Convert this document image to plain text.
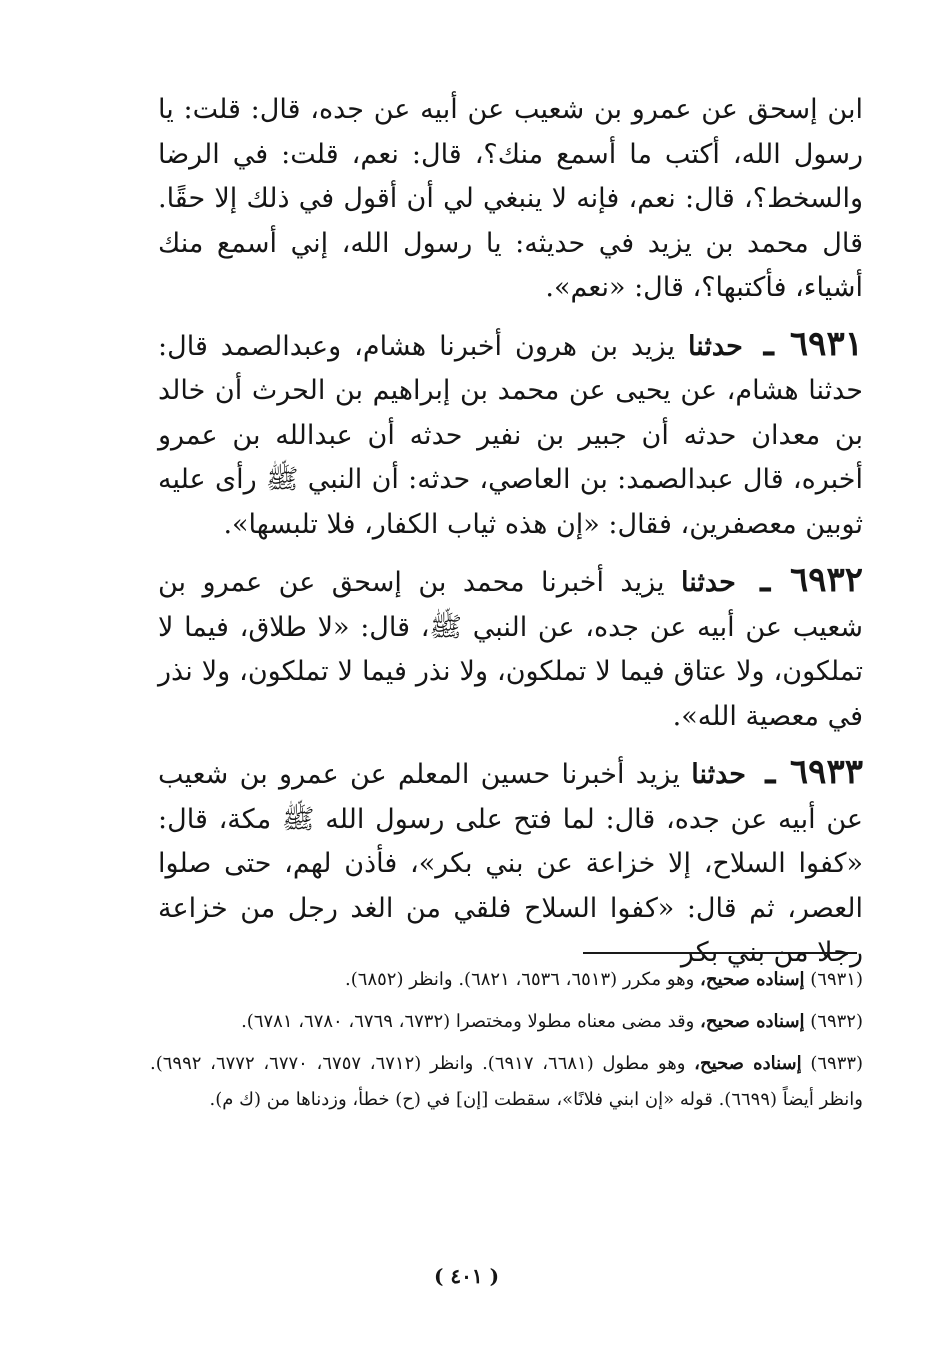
ابن إسحق عن عمرو بن شعيب عن أبيه عن جده، قال: قلت: يا رسول الله، أكتب ما أسمع منك؟، قال: نعم، قلت: في الرضا والسخط؟، قال: نعم، فإنه لا ينبغي لي أن أقول في ذلك إلا حقًا. قال محمد بن يزيد في حديثه: يا رسول الله، إني أسمع منك أشياء، فأكتبها؟، قال: «نعم».

٦٩٣١ ـ حدثنا يزيد بن هرون أخبرنا هشام، وعبدالصمد قال: حدثنا هشام، عن يحيى عن محمد بن إبراهيم بن الحرث أن خالد بن معدان حدثه أن جبير بن نفير حدثه أن عبدالله بن عمرو أخبره، قال عبدالصمد: بن العاصي، حدثه: أن النبي ﷺ رأى عليه ثوبين معصفرين، فقال: «إن هذه ثياب الكفار، فلا تلبسها».

٦٩٣٢ ـ حدثنا يزيد أخبرنا محمد بن إسحق عن عمرو بن شعيب عن أبيه عن جده، عن النبي ﷺ، قال: «لا طلاق، فيما لا تملكون، ولا عتاق فيما لا تملكون، ولا نذر فيما لا تملكون، ولا نذر في معصية الله».

٦٩٣٣ ـ حدثنا يزيد أخبرنا حسين المعلم عن عمرو بن شعيب عن أبيه عن جده، قال: لما فتح على رسول الله ﷺ مكة، قال: «كفوا السلاح، إلا خزاعة عن بني بكر»، فأذن لهم، حتى صلوا العصر، ثم قال: «كفوا السلاح فلقي من الغد رجل من خزاعة رجلا من بني بكر

(٦٩٣١) إسناده صحيح، وهو مكرر (٦٥١٣، ٦٥٣٦، ٦٨٢١). وانظر (٦٨٥٢).

(٦٩٣٢) إسناده صحيح، وقد مضى معناه مطولا ومختصرا (٦٧٣٢، ٦٧٦٩، ٦٧٨٠، ٦٧٨١).

(٦٩٣٣) إسناده صحيح، وهو مطول (٦٦٨١، ٦٩١٧). وانظر (٦٧١٢، ٦٧٥٧، ٦٧٧٠، ٦٧٧٢، ٦٩٩٢). وانظر أيضاً (٦٦٩٩). قوله «إن ابني فلانًا»، سقطت [إن] في (ح) خطأ، وزدناها من (ك م).

( ٤٠١ )
